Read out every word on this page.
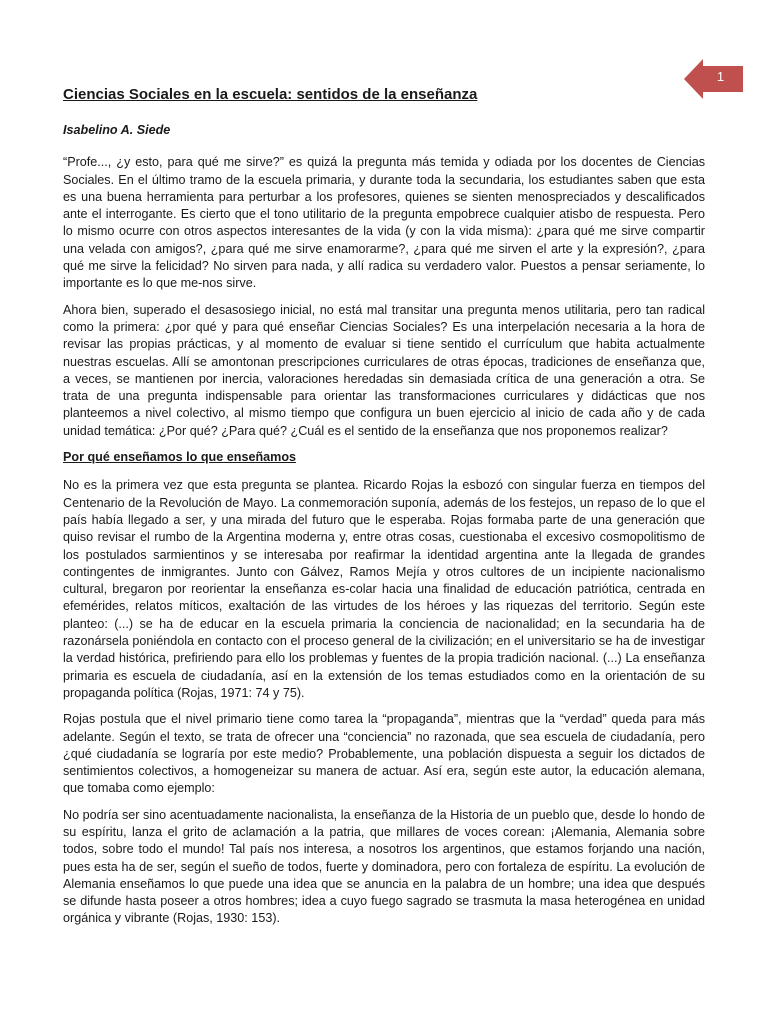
1
Ciencias Sociales en la escuela: sentidos de la enseñanza
Isabelino A. Siede

“Profe..., ¿y esto, para qué me sirve?” es quizá la pregunta más temida y odiada por los docentes de Ciencias Sociales. En el último tramo de la escuela primaria, y durante toda la secundaria, los estudiantes saben que esta es una buena herramienta para perturbar a los profesores, quienes se sienten menospreciados y descalificados ante el interrogante. Es cierto que el tono utilitario de la pregunta empobrece cualquier atisbo de respuesta. Pero lo mismo ocurre con otros aspectos interesantes de la vida (y con la vida misma): ¿para qué me sirve compartir una velada con amigos?, ¿para qué me sirve enamorarme?, ¿para qué me sirven el arte y la expresión?, ¿para qué me sirve la felicidad? No sirven para nada, y allí radica su verdadero valor. Puestos a pensar seriamente, lo importante es lo que me-nos sirve.

Ahora bien, superado el desasosiego inicial, no está mal transitar una pregunta menos utilitaria, pero tan radical como la primera: ¿por qué y para qué enseñar Ciencias Sociales? Es una interpelación necesaria a la hora de revisar las propias prácticas, y al momento de evaluar si tiene sentido el currículum que habita actualmente nuestras escuelas. Allí se amontonan prescripciones curriculares de otras épocas, tradiciones de enseñanza que, a veces, se mantienen por inercia, valoraciones heredadas sin demasiada crítica de una generación a otra. Se trata de una pregunta indispensable para orientar las transformaciones curriculares y didácticas que nos planteemos a nivel colectivo, al mismo tiempo que configura un buen ejercicio al inicio de cada año y de cada unidad temática: ¿Por qué? ¿Para qué? ¿Cuál es el sentido de la enseñanza que nos proponemos realizar?

Por qué enseñamos lo que enseñamos

No es la primera vez que esta pregunta se plantea. Ricardo Rojas la esbozó con singular fuerza en tiempos del Centenario de la Revolución de Mayo. La conmemoración suponía, además de los festejos, un repaso de lo que el país había llegado a ser, y una mirada del futuro que le esperaba. Rojas formaba parte de una generación que quiso revisar el rumbo de la Argentina moderna y, entre otras cosas, cuestionaba el excesivo cosmopolitismo de los postulados sarmientinos y se interesaba por reafirmar la identidad argentina ante la llegada de grandes contingentes de inmigrantes. Junto con Gálvez, Ramos Mejía y otros cultores de un incipiente nacionalismo cultural, bregaron por reorientar la enseñanza es-colar hacia una finalidad de educación patriótica, centrada en efemérides, relatos míticos, exaltación de las virtudes de los héroes y las riquezas del territorio. Según este planteo: (...) se ha de educar en la escuela primaria la conciencia de nacionalidad; en la secundaria ha de razonársela poniéndola en contacto con el proceso general de la civilización; en el universitario se ha de investigar la verdad histórica, prefiriendo para ello los problemas y fuentes de la propia tradición nacional. (...) La enseñanza primaria es escuela de ciudadanía, así en la extensión de los temas estudiados como en la orientación de su propaganda política (Rojas, 1971: 74 y 75).

Rojas postula que el nivel primario tiene como tarea la “propaganda”, mientras que la “verdad” queda para más adelante. Según el texto, se trata de ofrecer una “conciencia” no razonada, que sea escuela de ciudadanía, pero ¿qué ciudadanía se lograría por este medio? Probablemente, una población dispuesta a seguir los dictados de sentimientos colectivos, a homogeneizar su manera de actuar. Así era, según este autor, la educación alemana, que tomaba como ejemplo:

No podría ser sino acentuadamente nacionalista, la enseñanza de la Historia de un pueblo que, desde lo hondo de su espíritu, lanza el grito de aclamación a la patria, que millares de voces corean: ¡Alemania, Alemania sobre todos, sobre todo el mundo! Tal país nos interesa, a nosotros los argentinos, que estamos forjando una nación, pues esta ha de ser, según el sueño de todos, fuerte y dominadora, pero con fortaleza de espíritu. La evolución de Alemania enseñamos lo que puede una idea que se anuncia en la palabra de un hombre; una idea que después se difunde hasta poseer a otros hombres; idea a cuyo fuego sagrado se trasmuta la masa heterogénea en unidad orgánica y vibrante (Rojas, 1930: 153).
